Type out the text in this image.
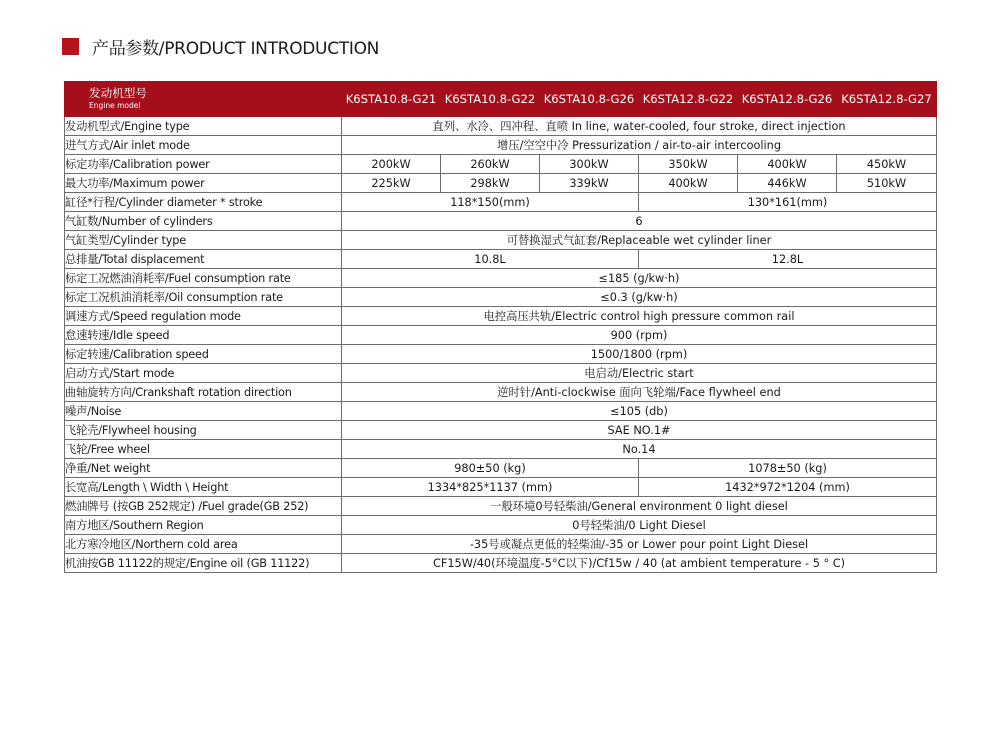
产品参数/PRODUCT INTRODUCTION
发动机型号
Engine model	K6STA10.8-G21	K6STA10.8-G22	K6STA10.8-G26	K6STA12.8-G22	K6STA12.8-G26	K6STA12.8-G27
发动机型式/Engine type	直列、水冷、四冲程、直喷 In line, water-cooled, four stroke, direct injection					
进气方式/Air inlet mode	增压/空空中冷 Pressurization / air-to-air intercooling					
标定功率/Calibration power	200kW	260kW	300kW	350kW	400kW	450kW
最大功率/Maximum power	225kW	298kW	339kW	400kW	446kW	510kW
缸径*行程/Cylinder diameter * stroke	118*150(mm)			130*161(mm)		
气缸数/Number of cylinders	6					
气缸类型/Cylinder type	可替换湿式气缸套/Replaceable wet cylinder liner					
总排量/Total displacement	10.8L			12.8L		
标定工况燃油消耗率/Fuel consumption rate	≤185 (g/kw·h)					
标定工况机油消耗率/Oil consumption rate	≤0.3 (g/kw·h)					
调速方式/Speed regulation mode	电控高压共轨/Electric control high pressure common rail					
怠速转速/Idle speed	900 (rpm)					
标定转速/Calibration speed	1500/1800 (rpm)					
启动方式/Start mode	电启动/Electric start					
曲轴旋转方向/Crankshaft rotation direction	逆时针/Anti-clockwise 面向飞轮端/Face flywheel end					
噪声/Noise	≤105 (db)					
飞轮壳/Flywheel housing	SAE NO.1#					
飞轮/Free wheel	No.14					
净重/Net weight	980±50 (kg)			1078±50 (kg)		
长宽高/Length \ Width \ Height	1334*825*1137 (mm)			1432*972*1204 (mm)		
燃油牌号 (按GB 252规定) /Fuel grade(GB 252)	一般环境0号轻柴油/General environment 0 light diesel					
南方地区/Southern Region	0号轻柴油/0 Light Diesel					
北方寒冷地区/Northern cold area	-35号或凝点更低的轻柴油/-35 or Lower pour point Light Diesel					
机油按GB 11122的规定/Engine oil (GB 11122)	CF15W/40(环境温度-5°C以下)/Cf15w / 40 (at ambient temperature - 5 ° C)					
